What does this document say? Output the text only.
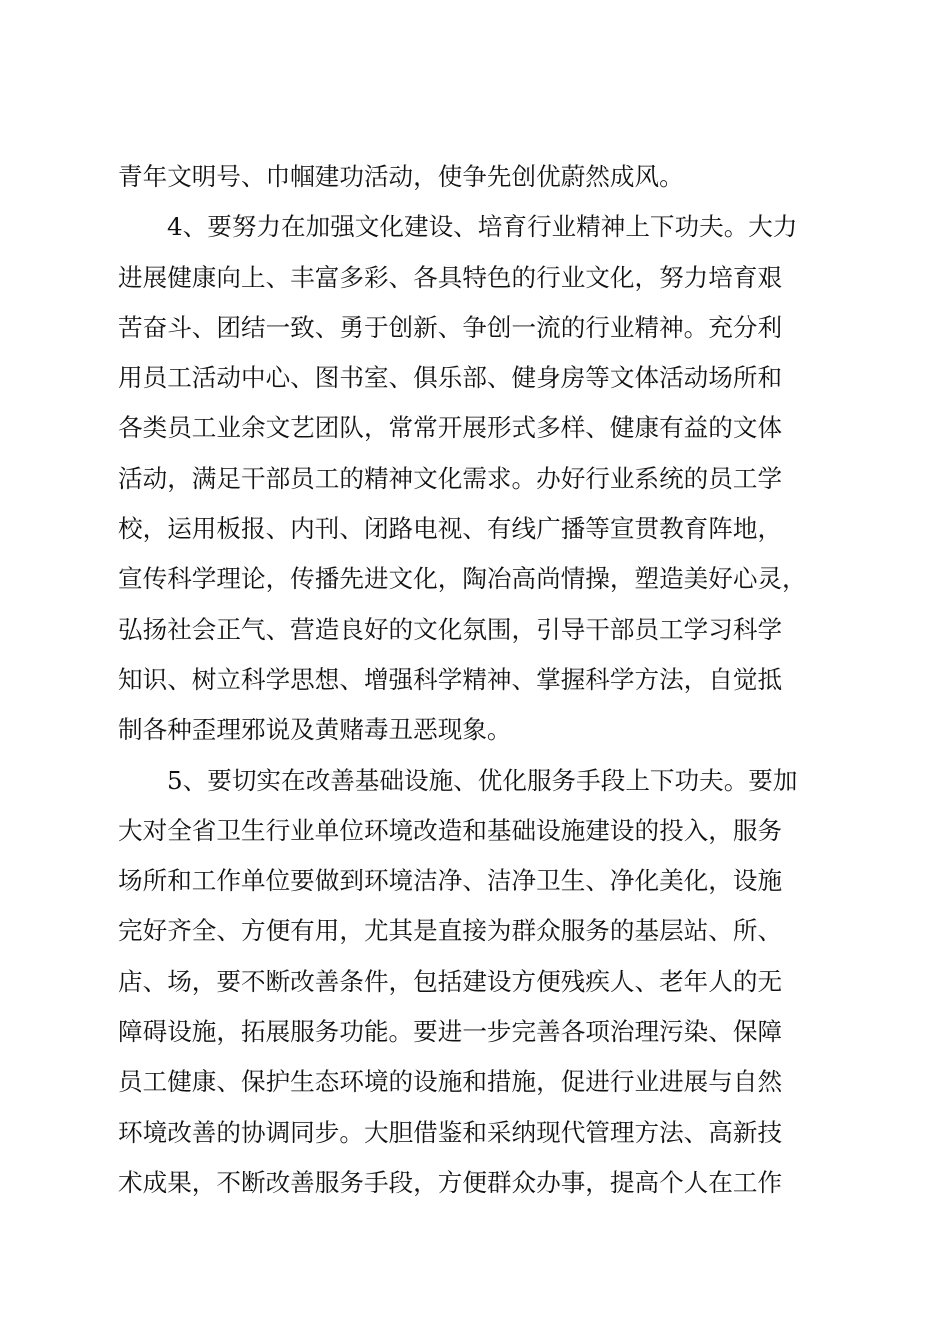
青年文明号、巾帼建功活动，使争先创优蔚然成风。
4、要努力在加强文化建设、培育行业精神上下功夫。大力
进展健康向上、丰富多彩、各具特色的行业文化，努力培育艰
苦奋斗、团结一致、勇于创新、争创一流的行业精神。充分利
用员工活动中心、图书室、俱乐部、健身房等文体活动场所和
各类员工业余文艺团队，常常开展形式多样、健康有益的文体
活动，满足干部员工的精神文化需求。办好行业系统的员工学
校，运用板报、内刊、闭路电视、有线广播等宣贯教育阵地，
宣传科学理论，传播先进文化，陶冶高尚情操，塑造美好心灵，
弘扬社会正气、营造良好的文化氛围，引导干部员工学习科学
知识、树立科学思想、增强科学精神、掌握科学方法，自觉抵
制各种歪理邪说及黄赌毒丑恶现象。
5、要切实在改善基础设施、优化服务手段上下功夫。要加
大对全省卫生行业单位环境改造和基础设施建设的投入，服务
场所和工作单位要做到环境洁净、洁净卫生、净化美化，设施
完好齐全、方便有用，尤其是直接为群众服务的基层站、所、
店、场，要不断改善条件，包括建设方便残疾人、老年人的无
障碍设施，拓展服务功能。要进一步完善各项治理污染、保障
员工健康、保护生态环境的设施和措施，促进行业进展与自然
环境改善的协调同步。大胆借鉴和采纳现代管理方法、高新技
术成果，不断改善服务手段，方便群众办事，提高个人在工作
